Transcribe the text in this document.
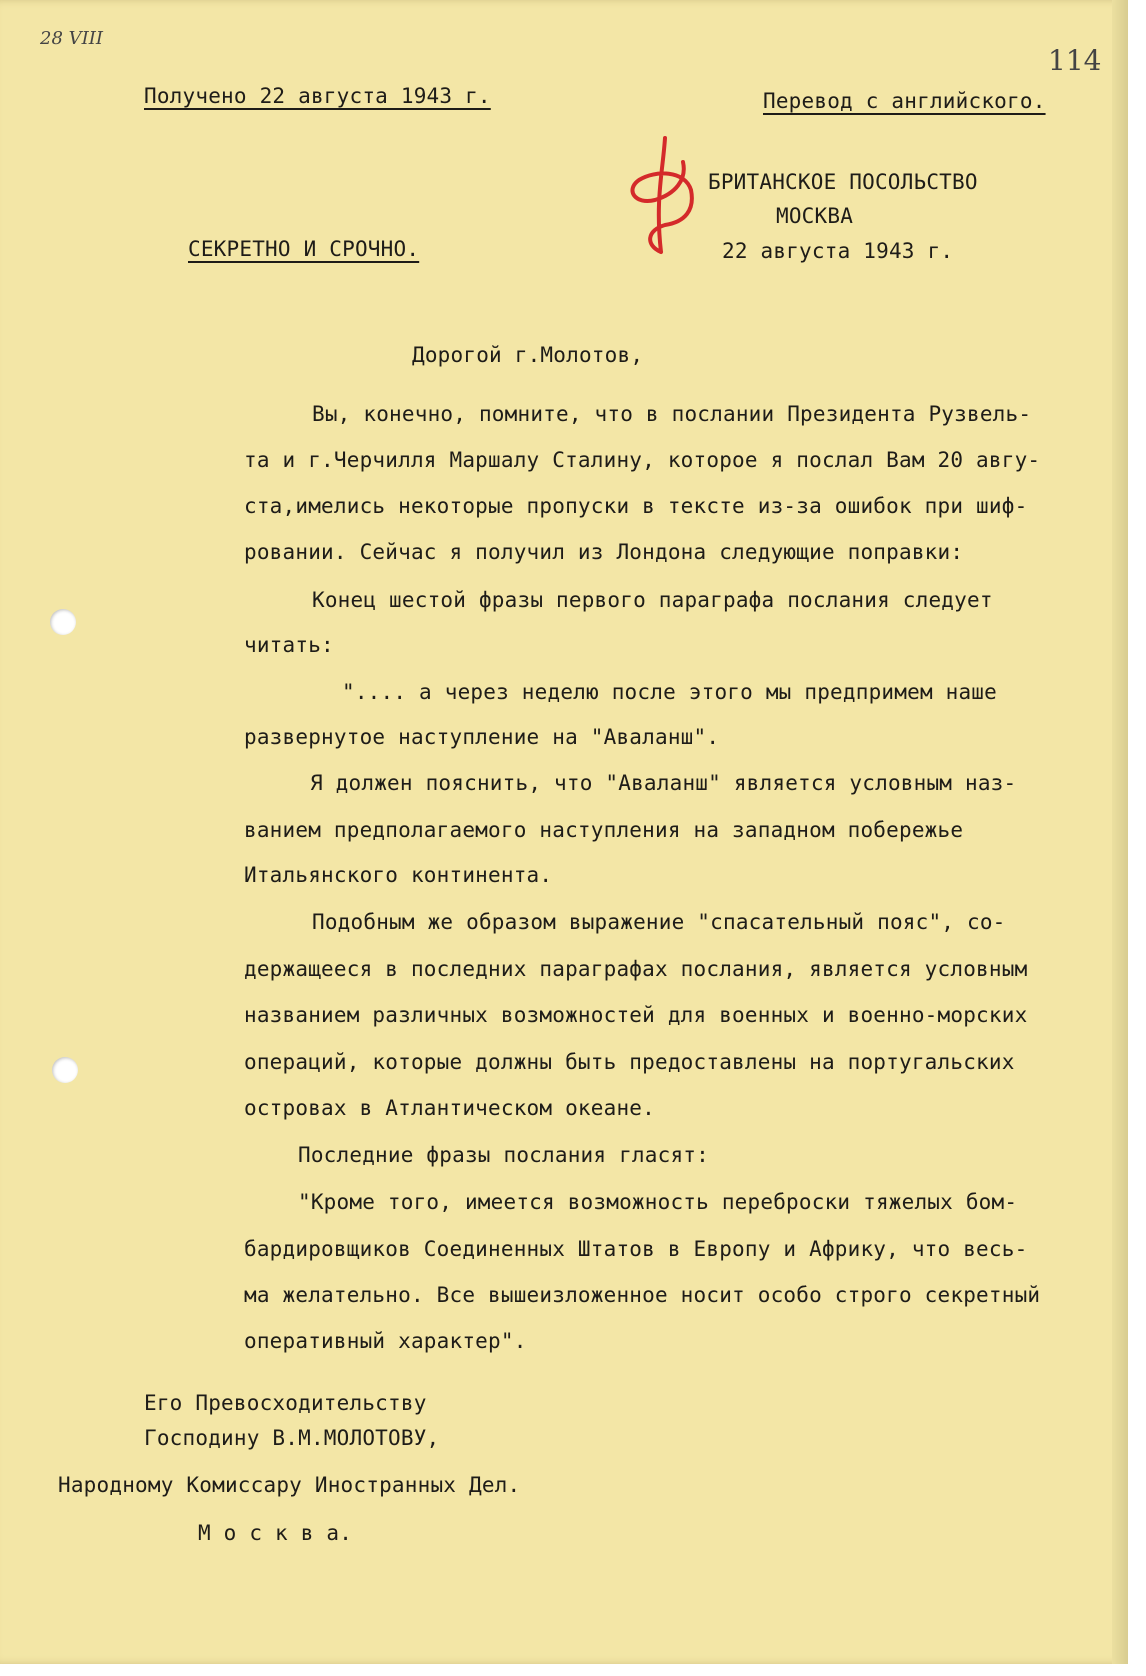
28 VIII
114
Получено 22 августа 1943 г.	Перевод с английского.
БРИТАНСКОЕ ПОСОЛЬСТВО
МОСКВА
22 августа 1943 г.
СЕКРЕТНО И СРОЧНО.
Дорогой г.Молотов,
Вы, конечно, помните, что в послании Президента Рузвель-
та и г.Черчилля Маршалу Сталину, которое я послал Вам 20 авгу-
ста,имелись некоторые пропуски в тексте из-за ошибок при шиф-
ровании. Сейчас я получил из Лондона следующие поправки:
Конец шестой фразы первого параграфа послания следует
читать:
".... а через неделю после этого мы предпримем наше
развернутое наступление на "Аваланш".
Я должен пояснить, что "Аваланш" является условным наз-
ванием предполагаемого наступления на западном побережье
Итальянского континента.
Подобным же образом выражение "спасательный пояс", со-
держащееся в последних параграфах послания, является условным
названием различных возможностей для военных и военно-морских
операций, которые должны быть предоставлены на португальских
островах в Атлантическом океане.
Последние фразы послания гласят:
"Кроме того, имеется возможность переброски тяжелых бом-
бардировщиков Соединенных Штатов в Европу и Африку, что весь-
ма желательно. Все вышеизложенное носит особо строго секретный
оперативный характер".
Его Превосходительству
Господину В.М.МОЛОТОВУ,
Народному Комиссару Иностранных Дел.
М о с к в а.
